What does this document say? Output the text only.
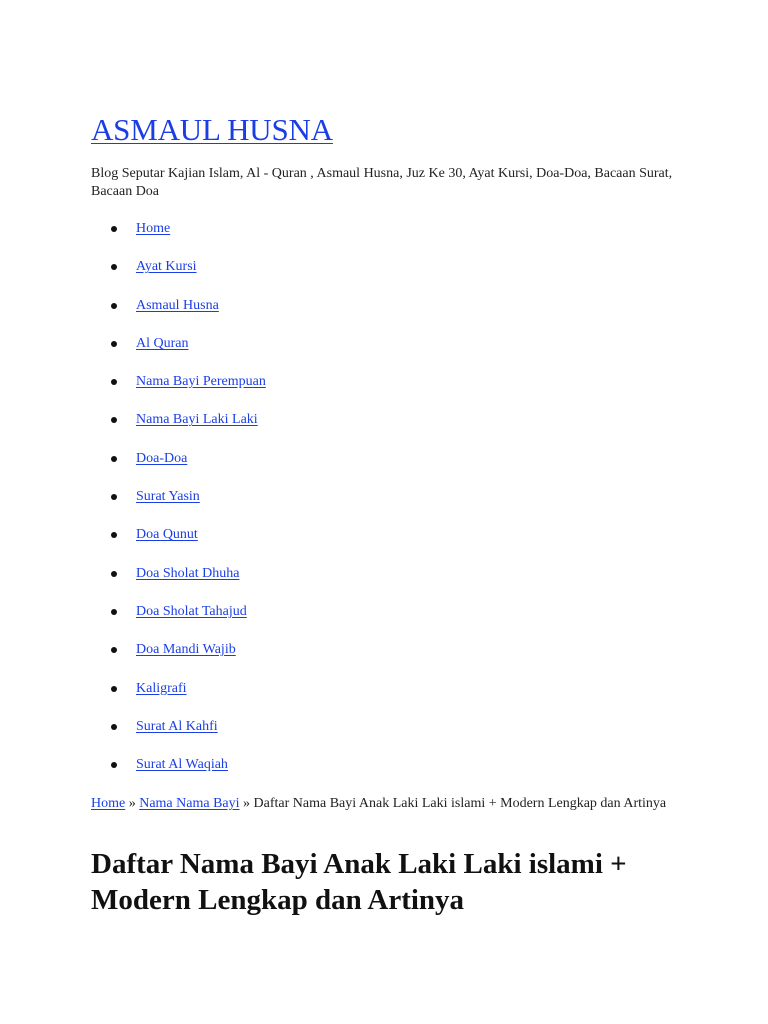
ASMAUL HUSNA

Blog Seputar Kajian Islam, Al - Quran , Asmaul Husna, Juz Ke 30, Ayat Kursi, Doa-Doa, Bacaan Surat, Bacaan Doa

Home
Ayat Kursi
Asmaul Husna
Al Quran
Nama Bayi Perempuan
Nama Bayi Laki Laki
Doa-Doa
Surat Yasin
Doa Qunut
Doa Sholat Dhuha
Doa Sholat Tahajud
Doa Mandi Wajib
Kaligrafi
Surat Al Kahfi
Surat Al Waqiah

Home » Nama Nama Bayi » Daftar Nama Bayi Anak Laki Laki islami + Modern Lengkap dan Artinya

Daftar Nama Bayi Anak Laki Laki islami + Modern Lengkap dan Artinya
